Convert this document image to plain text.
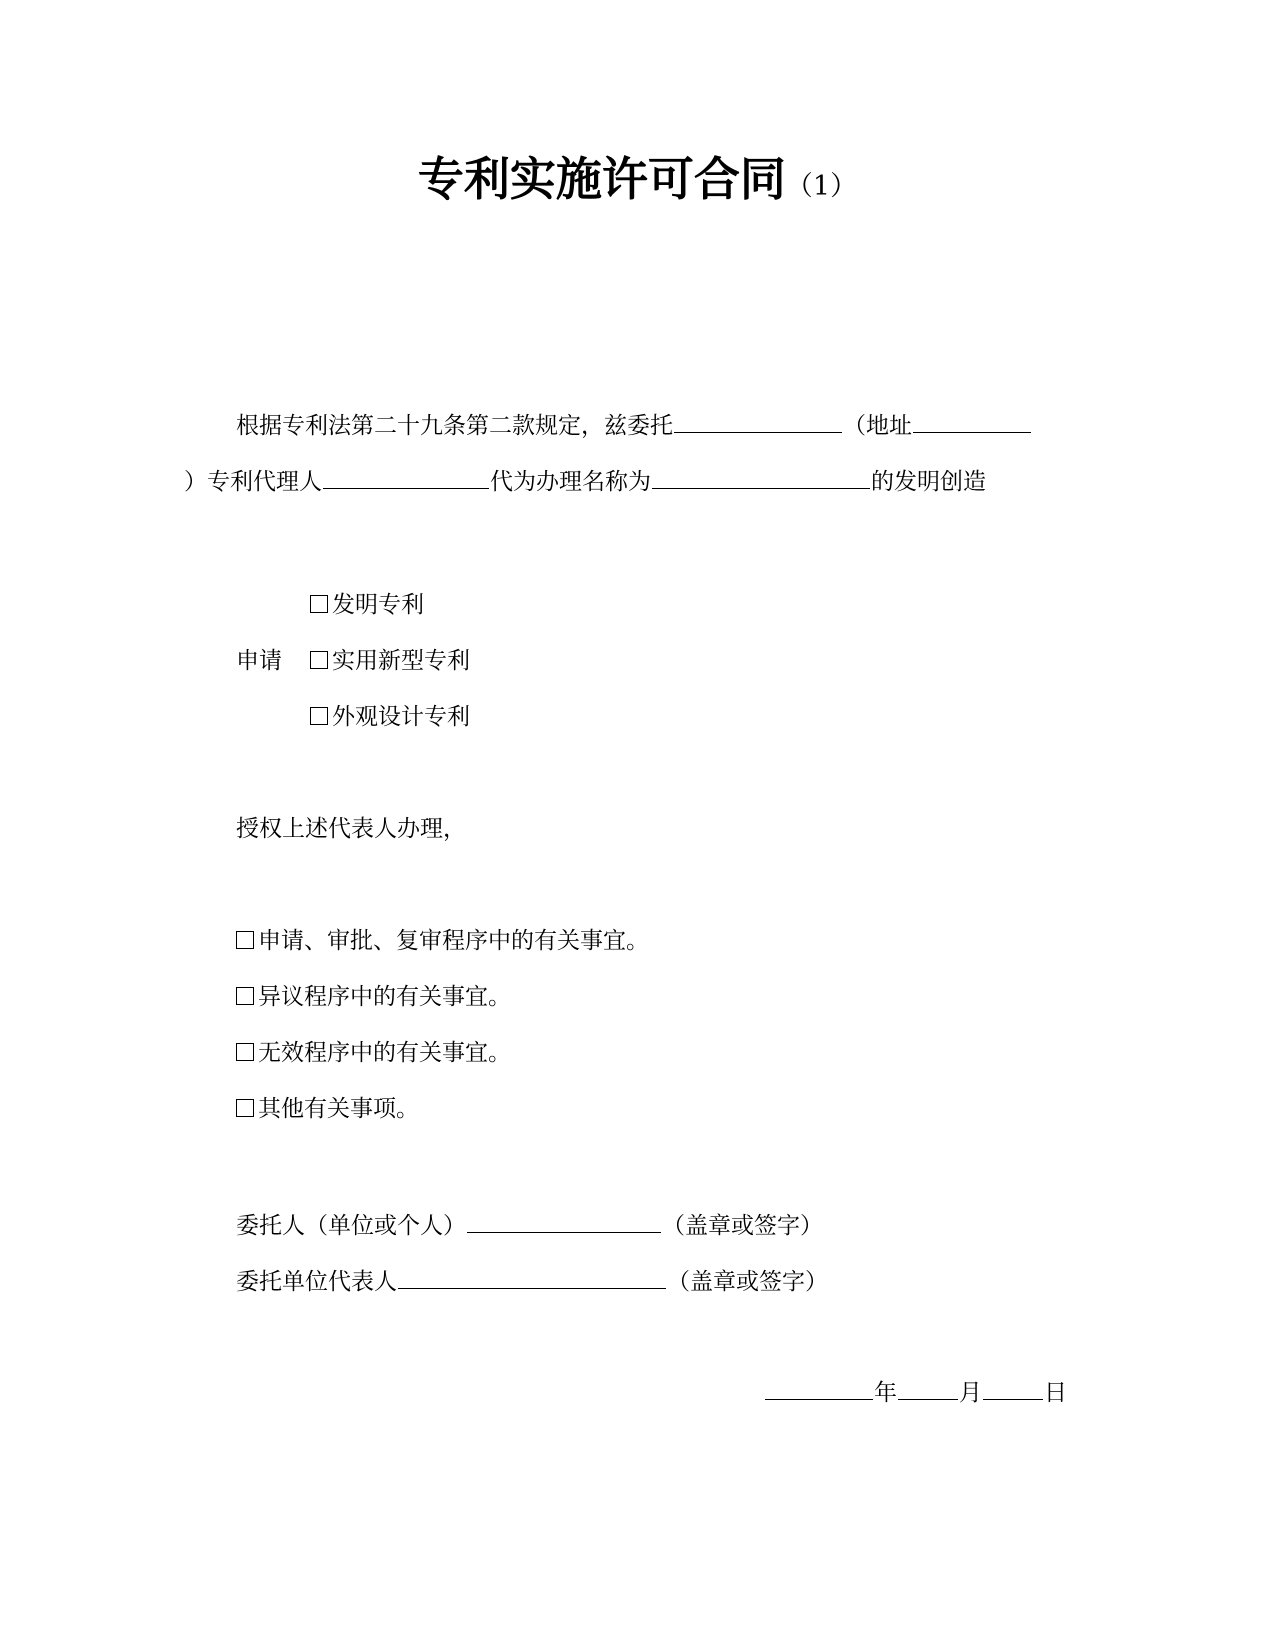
专利实施许可合同（1）
根据专利法第二十九条第二款规定，兹委托	（地址
）专利代理人	代为办理名称为	的发明创造
发明专利
申请	实用新型专利
外观设计专利
授权上述代表人办理，
申请、审批、复审程序中的有关事宜。
异议程序中的有关事宜。
无效程序中的有关事宜。
其他有关事项。
委托人（单位或个人）	（盖章或签字）
委托单位代表人	（盖章或签字）
年	月	日
